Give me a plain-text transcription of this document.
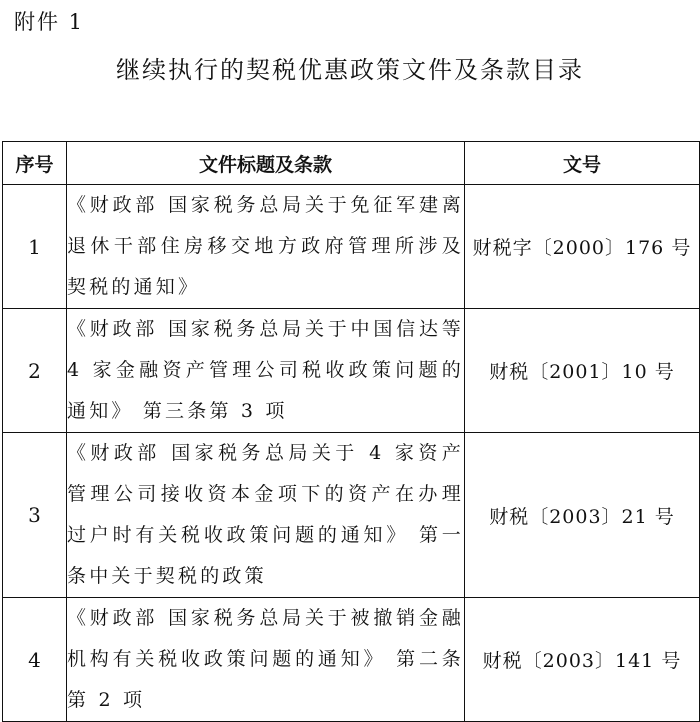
附件 1
继续执行的契税优惠政策文件及条款目录
序号	文件标题及条款	文号
1	《财政部 国家税务总局关于免征军建离退休干部住房移交地方政府管理所涉及契税的通知》	财税字〔2000〕176 号
2	《财政部 国家税务总局关于中国信达等 4 家金融资产管理公司税收政策问题的通知》 第三条第 3 项	财税〔2001〕10 号
3	《财政部 国家税务总局关于 4 家资产管理公司接收资本金项下的资产在办理过户时有关税收政策问题的通知》 第一条中关于契税的政策	财税〔2003〕21 号
4	《财政部 国家税务总局关于被撤销金融机构有关税收政策问题的通知》 第二条第 2 项	财税〔2003〕141 号
